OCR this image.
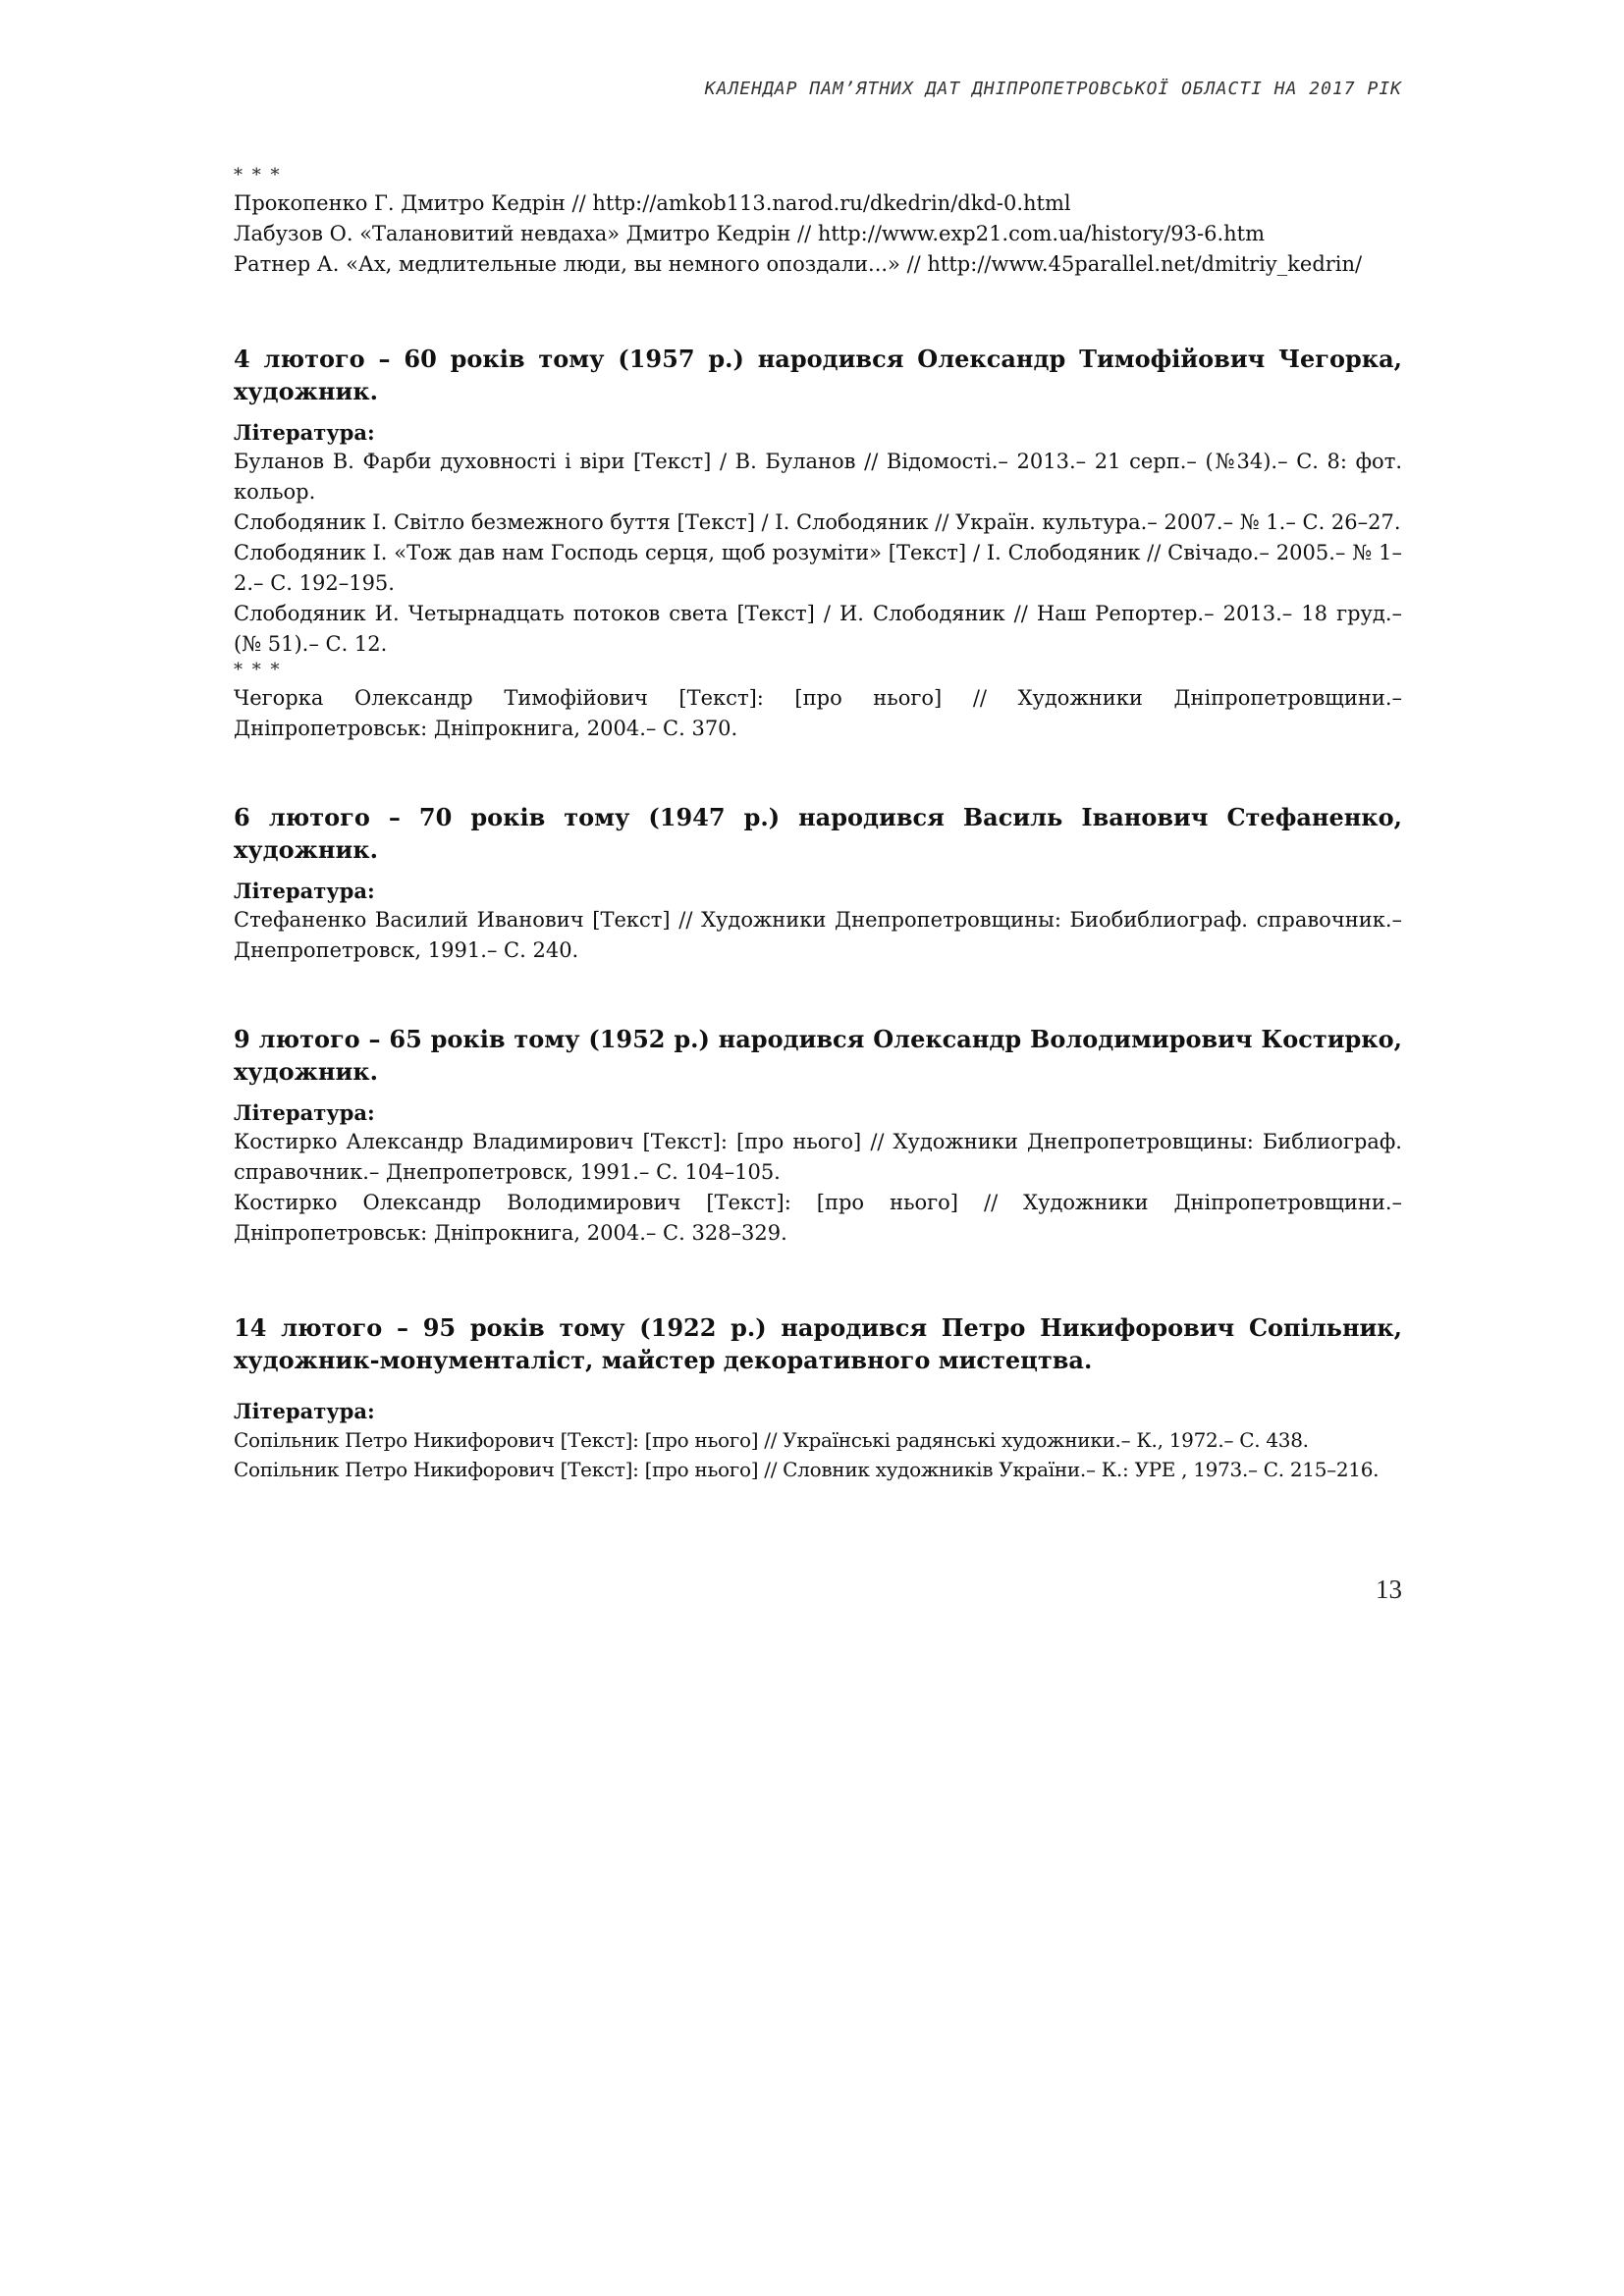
КАЛЕНДАР ПАМ’ЯТНИХ ДАТ ДНІПРОПЕТРОВСЬКОЇ ОБЛАСТІ НА 2017 РІК
* * *

Прокопенко Г. Дмитро Кедрін // http://amkob113.narod.ru/dkedrin/dkd-0.html

Лабузов О. «Талановитий невдаха» Дмитро Кедрін // http://www.exp21.com.ua/history/93-6.htm

Ратнер А. «Ах, медлительные люди, вы немного опоздали...» // http://www.45parallel.net/dmitriy_kedrin/

4 лютого – 60 років тому (1957 р.) народився Олександр Тимофійович Чегорка, художник.

Література:

Буланов В. Фарби духовності і віри [Текст] / В. Буланов // Відомості.– 2013.– 21 серп.– (№34).– С. 8: фот. кольор.

Слободяник І. Світло безмежного буття [Текст] / І. Слободяник // Україн. культура.– 2007.– № 1.– С. 26–27.

Слободяник І. «Тож дав нам Господь серця, щоб розуміти» [Текст] / І. Слободяник // Свічадо.– 2005.– № 1–2.– С. 192–195.

Слободяник И. Четырнадцать потоков света [Текст] / И. Слободяник // Наш Репортер.– 2013.– 18 груд.– (№ 51).– С. 12.

* * *

Чегорка Олександр Тимофійович [Текст]: [про нього] // Художники Дніпропетровщини.– Дніпропетровськ: Дніпрокнига, 2004.– С. 370.

6 лютого – 70 років тому (1947 р.) народився Василь Іванович Стефаненко, художник.

Література:

Стефаненко Василий Иванович [Текст] // Художники Днепропетровщины: Биобиблиограф. справочник.– Днепропетровск, 1991.– С. 240.

9 лютого – 65 років тому (1952 р.) народився Олександр Володимирович Костирко, художник.

Література:

Костирко Александр Владимирович [Текст]: [про нього] // Художники Днепропетровщины: Библиограф. справочник.– Днепропетровск, 1991.– С. 104–105.

Костирко Олександр Володимирович [Текст]: [про нього] // Художники Дніпропетровщини.– Дніпропетровськ: Дніпрокнига, 2004.– С. 328–329.

14 лютого – 95 років тому (1922 р.) народився Петро Никифорович Сопільник, художник-монументаліст, майстер декоративного мистецтва.

Література:

Сопільник Петро Никифорович [Текст]: [про нього] // Українські радянські художники.– К., 1972.– С. 438.

Сопільник Петро Никифорович [Текст]: [про нього] // Словник художників України.– К.: УРЕ , 1973.– С. 215–216.

13
